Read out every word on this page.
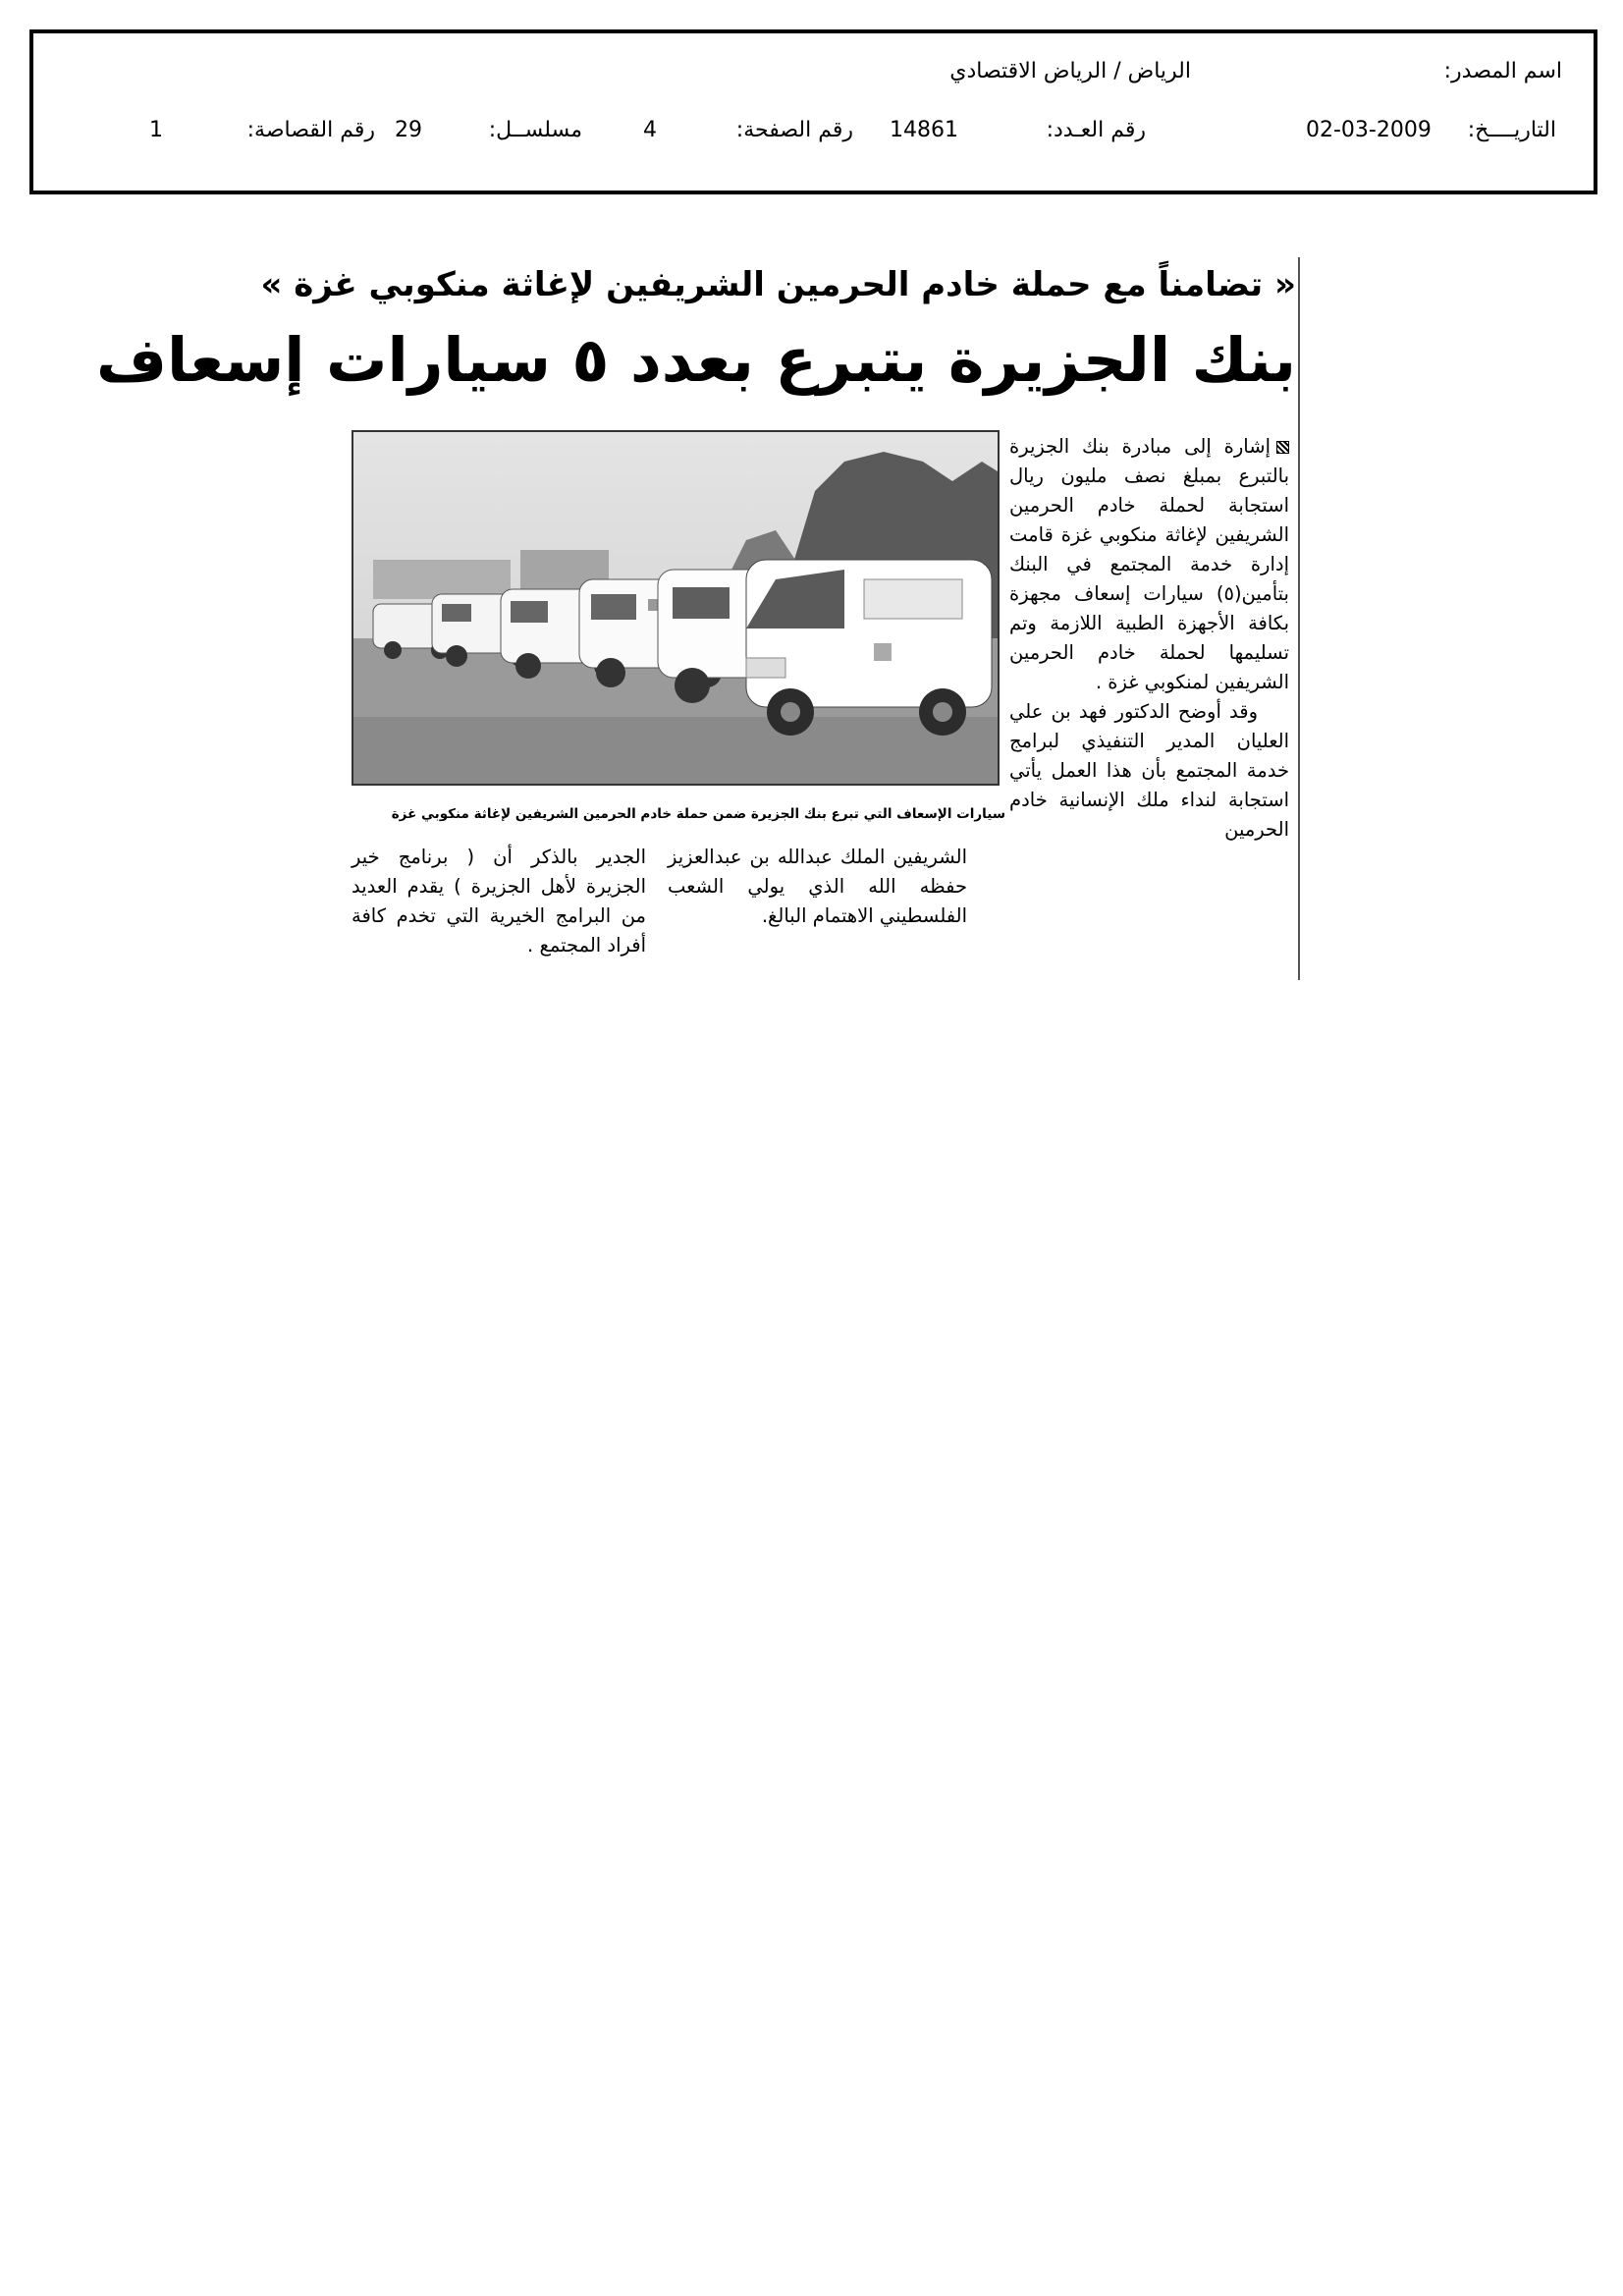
اسم المصدر:
الرياض / الرياض الاقتصادي
التاريــــخ:
02-03-2009
رقم العـدد:
14861
رقم الصفحة:
4
مسلســل:
29
رقم القصاصة:
1
« تضامناً مع حملة خادم الحرمين الشريفين لإغاثة منكوبي غزة »
بنك الجزيرة يتبرع بعدد ٥ سيارات إسعاف
سيارات الإسعاف التي تبرع بنك الجزيرة ضمن حملة خادم الحرمين الشريفين لإغاثة منكوبي غزة

إشارة إلى مبادرة بنك الجزيرة بالتبرع بمبلغ نصف مليون ريال استجابة لحملة خادم الحرمين الشريفين لإغاثة منكوبي غزة قامت إدارة خدمة المجتمع في البنك بتأمين(٥) سيارات إسعاف مجهزة بكافة الأجهزة الطبية اللازمة وتم تسليمها لحملة خادم الحرمين الشريفين لمنكوبي غزة .

وقد أوضح الدكتور فهد بن علي العليان المدير التنفيذي لبرامج خدمة المجتمع بأن هذا العمل يأتي استجابة لنداء ملك الإنسانية خادم الحرمين

الشريفين الملك عبدالله بن عبدالعزيز حفظه الله الذي يولي الشعب الفلسطيني الاهتمام البالغ.

الجدير بالذكر أن ( برنامج خير الجزيرة لأهل الجزيرة ) يقدم العديد من البرامج الخيرية التي تخدم كافة أفراد المجتمع .
